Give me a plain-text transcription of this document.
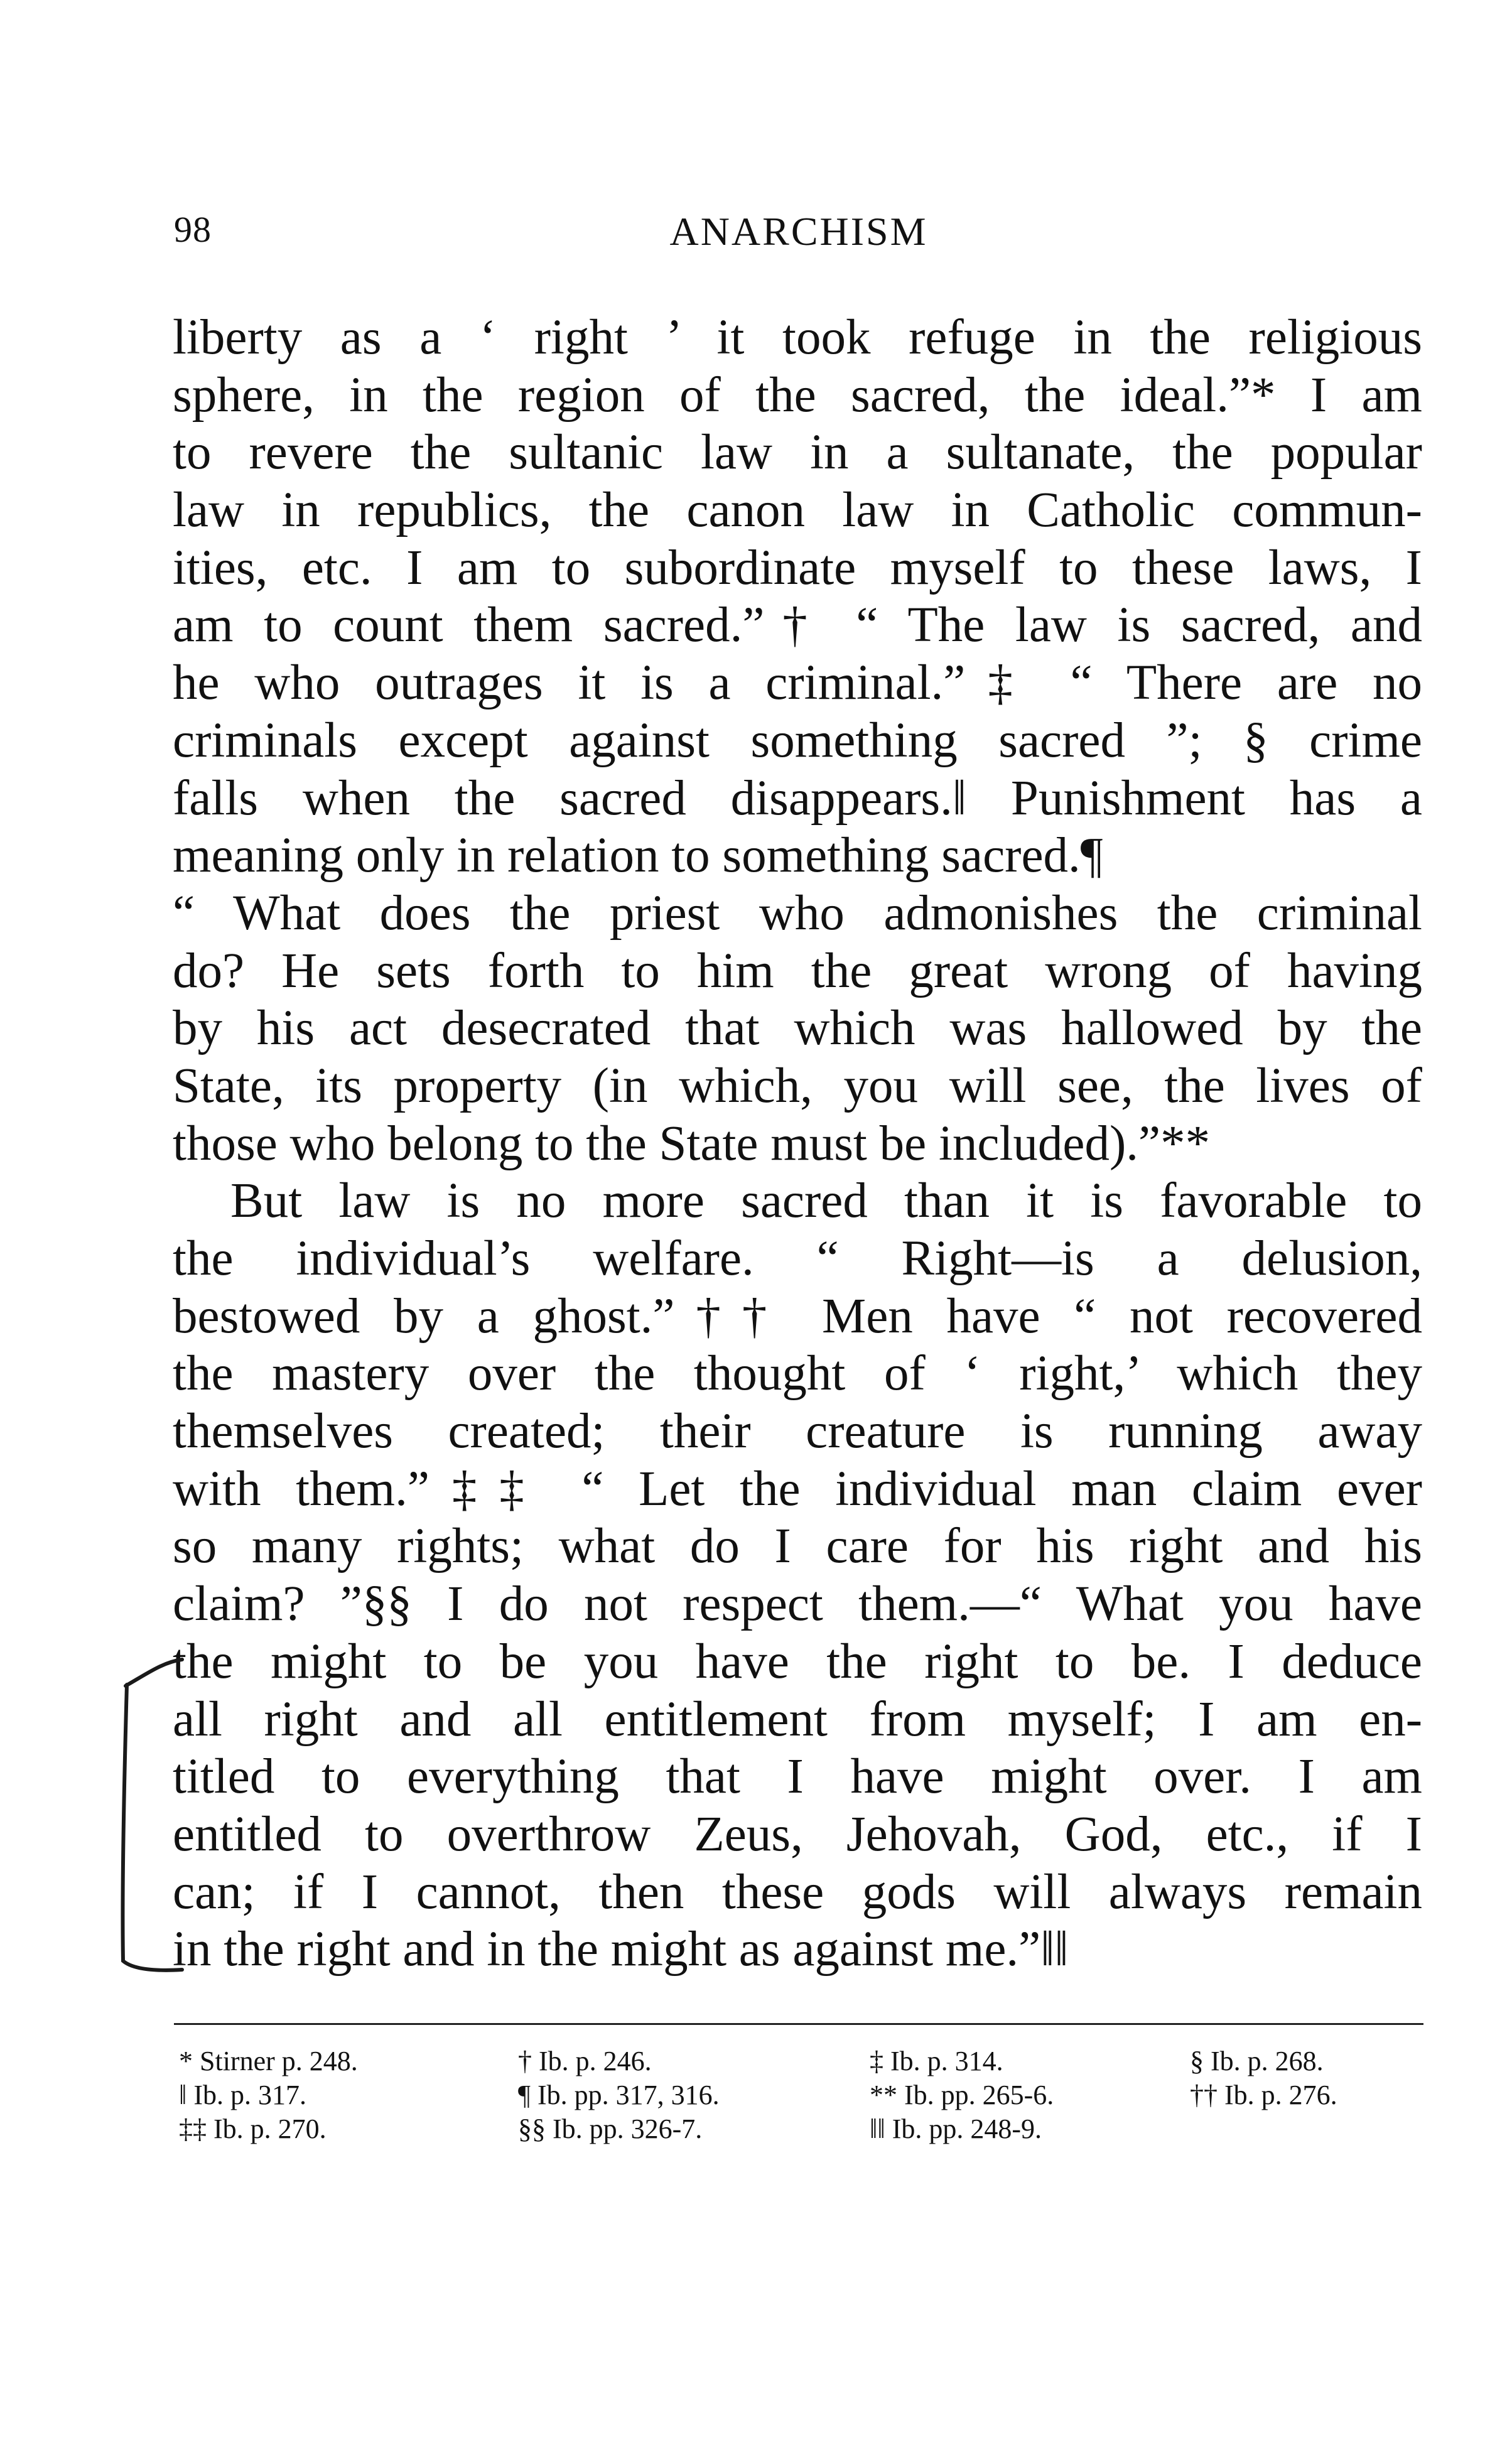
98	ANARCHISM
liberty as a ‘ right ’ it took refuge in the religious
sphere, in the region of the sacred, the ideal.”* I am
to revere the sultanic law in a sultanate, the popular
law in republics, the canon law in Catholic commun-
ities, etc. I am to subordinate myself to these laws, I
am to count them sacred.”† “ The law is sacred, and
he who outrages it is a criminal.”‡ “ There are no
criminals except against something sacred ”; § crime
falls when the sacred disappears.‖ Punishment has a
meaning only in relation to something sacred.¶
“ What does the priest who admonishes the criminal
do? He sets forth to him the great wrong of having
by his act desecrated that which was hallowed by the
State, its property (in which, you will see, the lives of
those who belong to the State must be included).”**
But law is no more sacred than it is favorable to
the individual’s welfare. “ Right—is a delusion,
bestowed by a ghost.”†† Men have “ not recovered
the mastery over the thought of ‘ right,’ which they
themselves created; their creature is running away
with them.”‡‡ “ Let the individual man claim ever
so many rights; what do I care for his right and his
claim? ”§§ I do not respect them.—“ What you have
the might to be you have the right to be. I deduce
all right and all entitlement from myself; I am en-
titled to everything that I have might over. I am
entitled to overthrow Zeus, Jehovah, God, etc., if I
can; if I cannot, then these gods will always remain
in the right and in the might as against me.”‖‖
* Stirner p. 248.	† Ib. p. 246.	‡ Ib. p. 314.	§ Ib. p. 268.
‖ Ib. p. 317.	¶ Ib. pp. 317, 316.	** Ib. pp. 265-6.	†† Ib. p. 276.
‡‡ Ib. p. 270.	§§ Ib. pp. 326-7.	‖‖ Ib. pp. 248-9.
